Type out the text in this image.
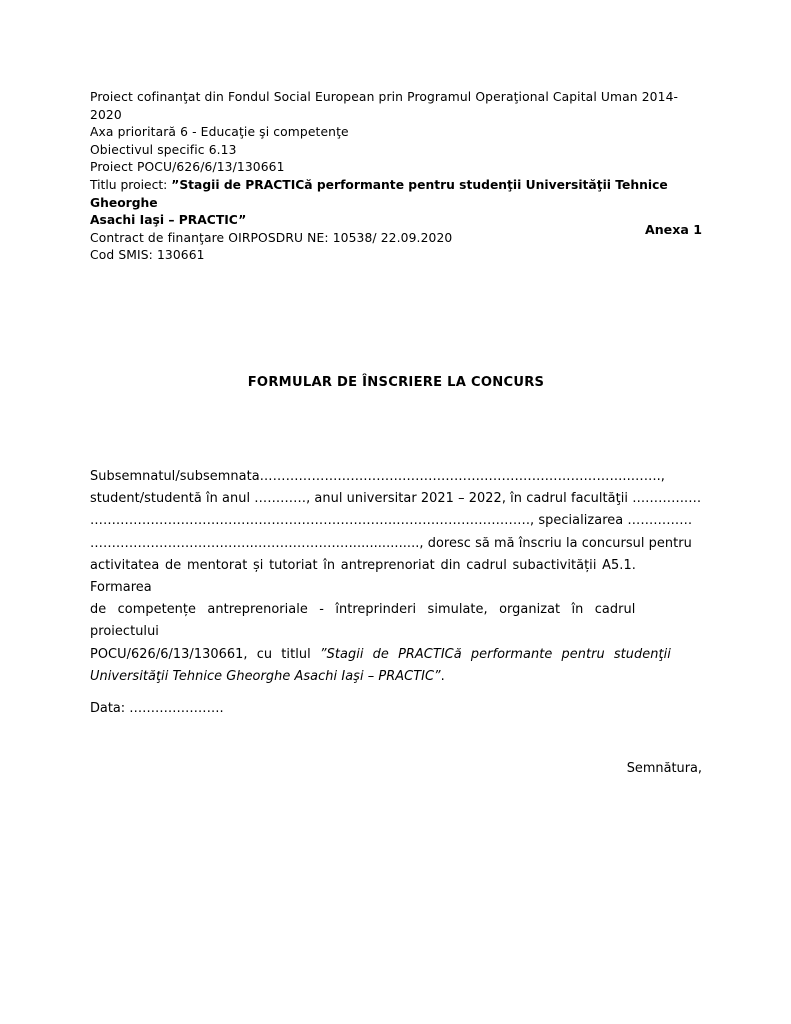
Proiect cofinanţat din Fondul Social European prin Programul Operaţional Capital Uman 2014-2020
Axa prioritară 6 - Educaţie şi competenţe
Obiectivul specific 6.13
Proiect POCU/626/6/13/130661
Titlu proiect: ”Stagii de PRACTICă performante pentru studenţii Universităţii Tehnice Gheorghe
Asachi Iaşi – PRACTIC”
Contract de finanţare OIRPOSDRU NE: 10538/ 22.09.2020
Cod SMIS: 130661
Anexa 1
FORMULAR DE ÎNSCRIERE LA CONCURS
Subsemnatul/subsemnata…………………………………………………………………………..…….,
student/studentă în anul …………, anul universitar 2021 – 2022, în cadrul facultăţii ………….…
……………………………………………………………..…………………………., specializarea ……………
………………………………..……………….…................., doresc să mă înscriu la concursul pentru
activitatea de mentorat și tutoriat în antreprenoriat din cadrul subactivității A5.1. Formarea
de competențe antreprenoriale - întreprinderi simulate, organizat în cadrul proiectului
POCU/626/6/13/130661, cu titlul ”Stagii de PRACTICă performante pentru studenţii
Universităţii Tehnice Gheorghe Asachi Iaşi – PRACTIC”.
Data: ………………….
Semnătura,
